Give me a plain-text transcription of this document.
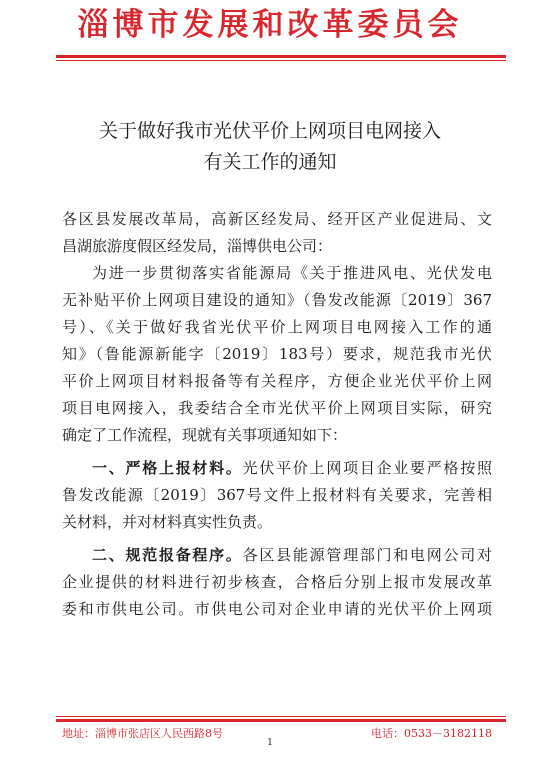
淄博市发展和改革委员会
关于做好我市光伏平价上网项目电网接入
有关工作的通知
各区县发展改革局，高新区经发局、经开区产业促进局、文
昌湖旅游度假区经发局，淄博供电公司：
为进一步贯彻落实省能源局《关于推进风电、光伏发电
无补贴平价上网项目建设的通知》（鲁发改能源〔2019〕367
号）、《关于做好我省光伏平价上网项目电网接入工作的通
知》（鲁能源新能字〔2019〕183号）要求，规范我市光伏
平价上网项目材料报备等有关程序，方便企业光伏平价上网
项目电网接入，我委结合全市光伏平价上网项目实际，研究
确定了工作流程，现就有关事项通知如下：
一、严格上报材料。光伏平价上网项目企业要严格按照
鲁发改能源〔2019〕367号文件上报材料有关要求，完善相
关材料，并对材料真实性负责。
二、规范报备程序。各区县能源管理部门和电网公司对
企业提供的材料进行初步核查，合格后分别上报市发展改革
委和市供电公司。市供电公司对企业申请的光伏平价上网项
地址：淄博市张店区人民西路8号	电话：0533－3182118
1
